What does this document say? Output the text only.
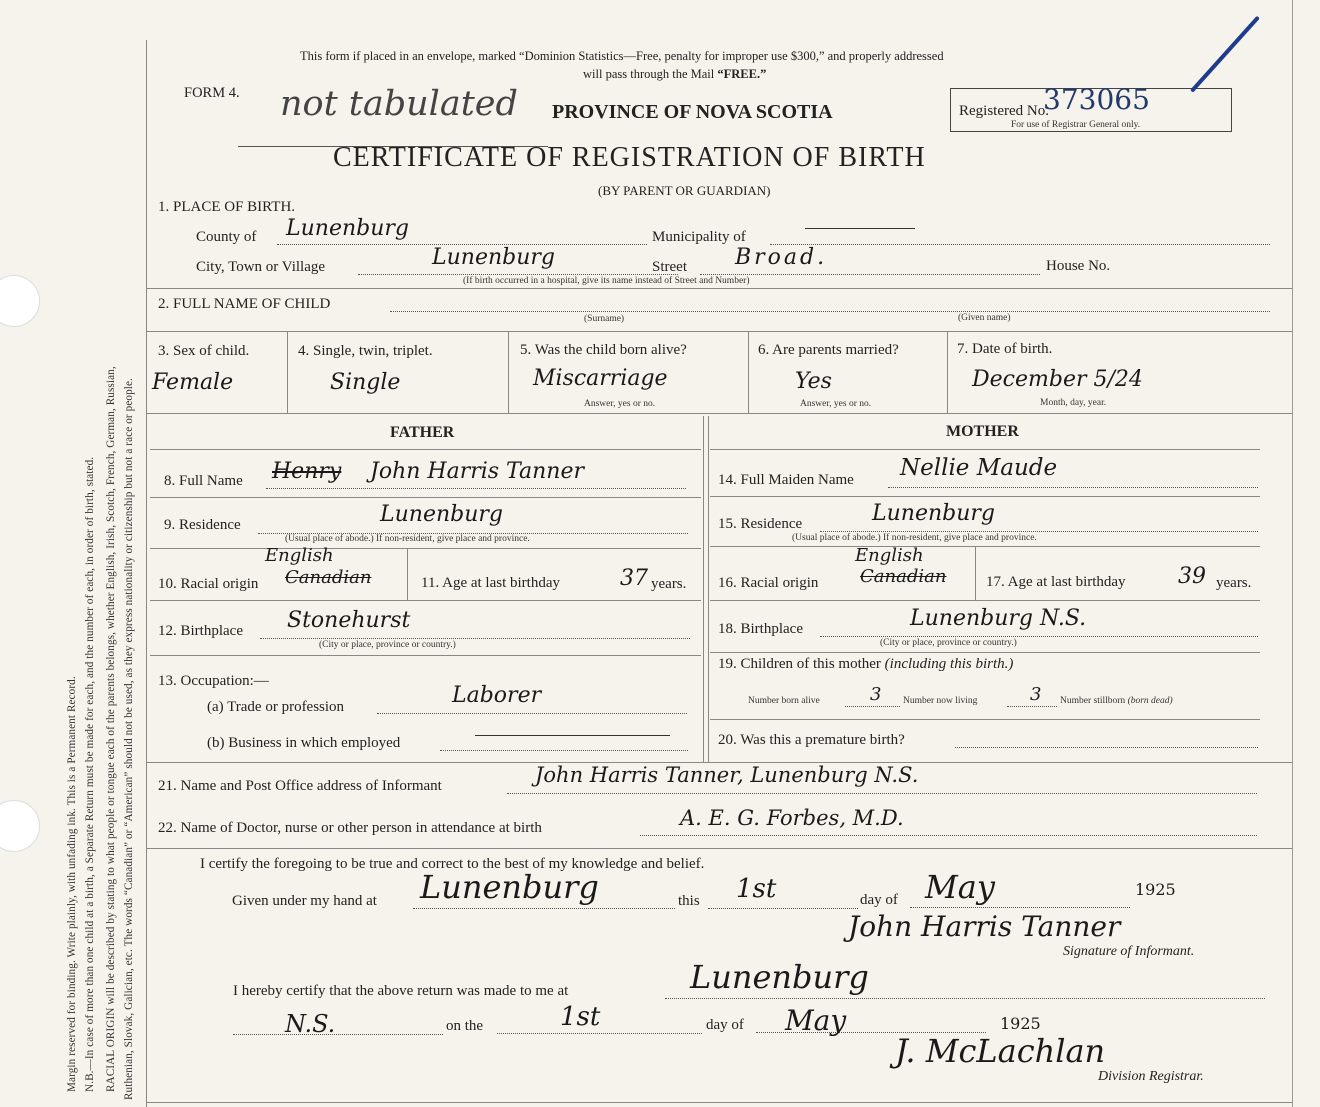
Margin reserved for binding. Write plainly, with unfading ink. This is a Permanent Record. N.B.—In case of more than one child at a birth, a Separate Return must be made for each, and the number of each, in order of birth, stated. RACIAL ORIGIN will be described by stating to what people or tongue each of the parents belongs, whether English, Irish, Scotch, French, German, Russian, Ruthenian, Slovak, Galician, etc. The words “Canadian” or “American” should not be used, as they express nationality or citizenship but not a race or people.
This form if placed in an envelope, marked “Dominion Statistics—Free, penalty for improper use $300,” and properly addressed
will pass through the Mail “FREE.”
FORM 4. not tabulated PROVINCE OF NOVA SCOTIA	Registered No.
373065
For use of Registrar General only.
CERTIFICATE OF REGISTRATION OF BIRTH
(BY PARENT OR GUARDIAN)
1. PLACE OF BIRTH.
County of Lunenburg	Municipality of
City, Town or Village	Lunenburg	Street Broad.	House No.
(If birth occurred in a hospital, give its name instead of Street and Number)
2. FULL NAME OF CHILD
(Surname)	(Given name)
3. Sex of child.
Female
4. Single, twin, triplet.
Single
5. Was the child born alive?
Miscarriage
Answer, yes or no.
6. Are parents married?
Yes
Answer, yes or no.
7. Date of birth.
December 5/24
Month, day, year.
FATHER	MOTHER
8. Full Name Henry John Harris Tanner
9. Residence	Lunenburg
(Usual place of abode.) If non-resident, give place and province.
10. Racial origin
English
Canadian	11. Age at last birthday	37 years.
12. Birthplace Stonehurst
(City or place, province or country.)
13. Occupation:—
(a) Trade or profession	Laborer
(b) Business in which employed
14. Full Maiden Name Nellie Maude
15. Residence	Lunenburg
(Usual place of abode.) If non-resident, give place and province.
16. Racial origin
English
Canadian	17. Age at last birthday 39 years.
18. Birthplace	Lunenburg N.S.
(City or place, province or country.)
19. Children of this mother (including this birth.)
Number born alive	3 Number now living	3 Number stillborn (born dead)
20. Was this a premature birth?
21. Name and Post Office address of Informant	John Harris Tanner, Lunenburg N.S.
22. Name of Doctor, nurse or other person in attendance at birth	A. E. G. Forbes, M.D.
I certify the foregoing to be true and correct to the best of my knowledge and belief.
Given under my hand at Lunenburg	this 1st	day of May	1925
John Harris Tanner
Signature of Informant.
I hereby certify that the above return was made to me at	Lunenburg
N.S.	on the	1st	day of May	1925
J. McLachlan
Division Registrar.
